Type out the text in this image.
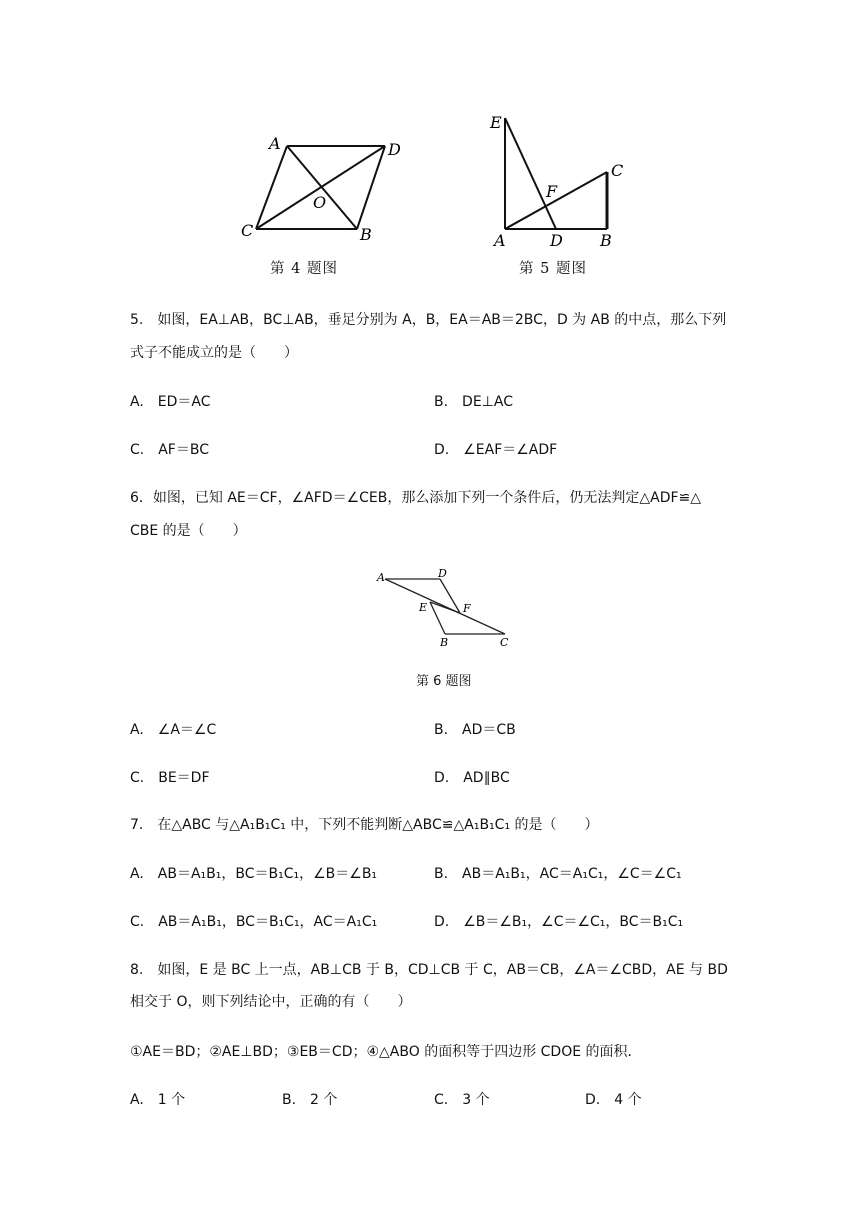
A	D
O
C	B
第 4 题图
E
F
C
A	D B
第 5 题图
5.　如图，EA⊥AB，BC⊥AB，垂足分别为 A，B，EA＝AB＝2BC，D 为 AB 的中点，那么下列
式子不能成立的是（　　）
A.　ED＝AC	B.　DE⊥AC
C.　AF＝BC	D.　∠EAF＝∠ADF
6．如图，已知 AE＝CF，∠AFD＝∠CEB，那么添加下列一个条件后，仍无法判定△ADF≌△
CBE 的是（　　）
A	D
E	F
B	C
第 6 题图
A.　∠A＝∠C	B.　AD＝CB
C.　BE＝DF	D.　AD∥BC
7.　在△ABC 与△A₁B₁C₁ 中，下列不能判断△ABC≌△A₁B₁C₁ 的是（　　）
A.　AB＝A₁B₁，BC＝B₁C₁，∠B＝∠B₁	B.　AB＝A₁B₁，AC＝A₁C₁，∠C＝∠C₁
C.　AB＝A₁B₁，BC＝B₁C₁，AC＝A₁C₁	D.　∠B＝∠B₁，∠C＝∠C₁，BC＝B₁C₁
8.　如图，E 是 BC 上一点，AB⊥CB 于 B，CD⊥CB 于 C，AB＝CB，∠A＝∠CBD，AE 与 BD
相交于 O，则下列结论中，正确的有（　　）
①AE＝BD；②AE⊥BD；③EB＝CD；④△ABO 的面积等于四边形 CDOE 的面积．
A.　1 个	B.　2 个	C.　3 个	D.　4 个
